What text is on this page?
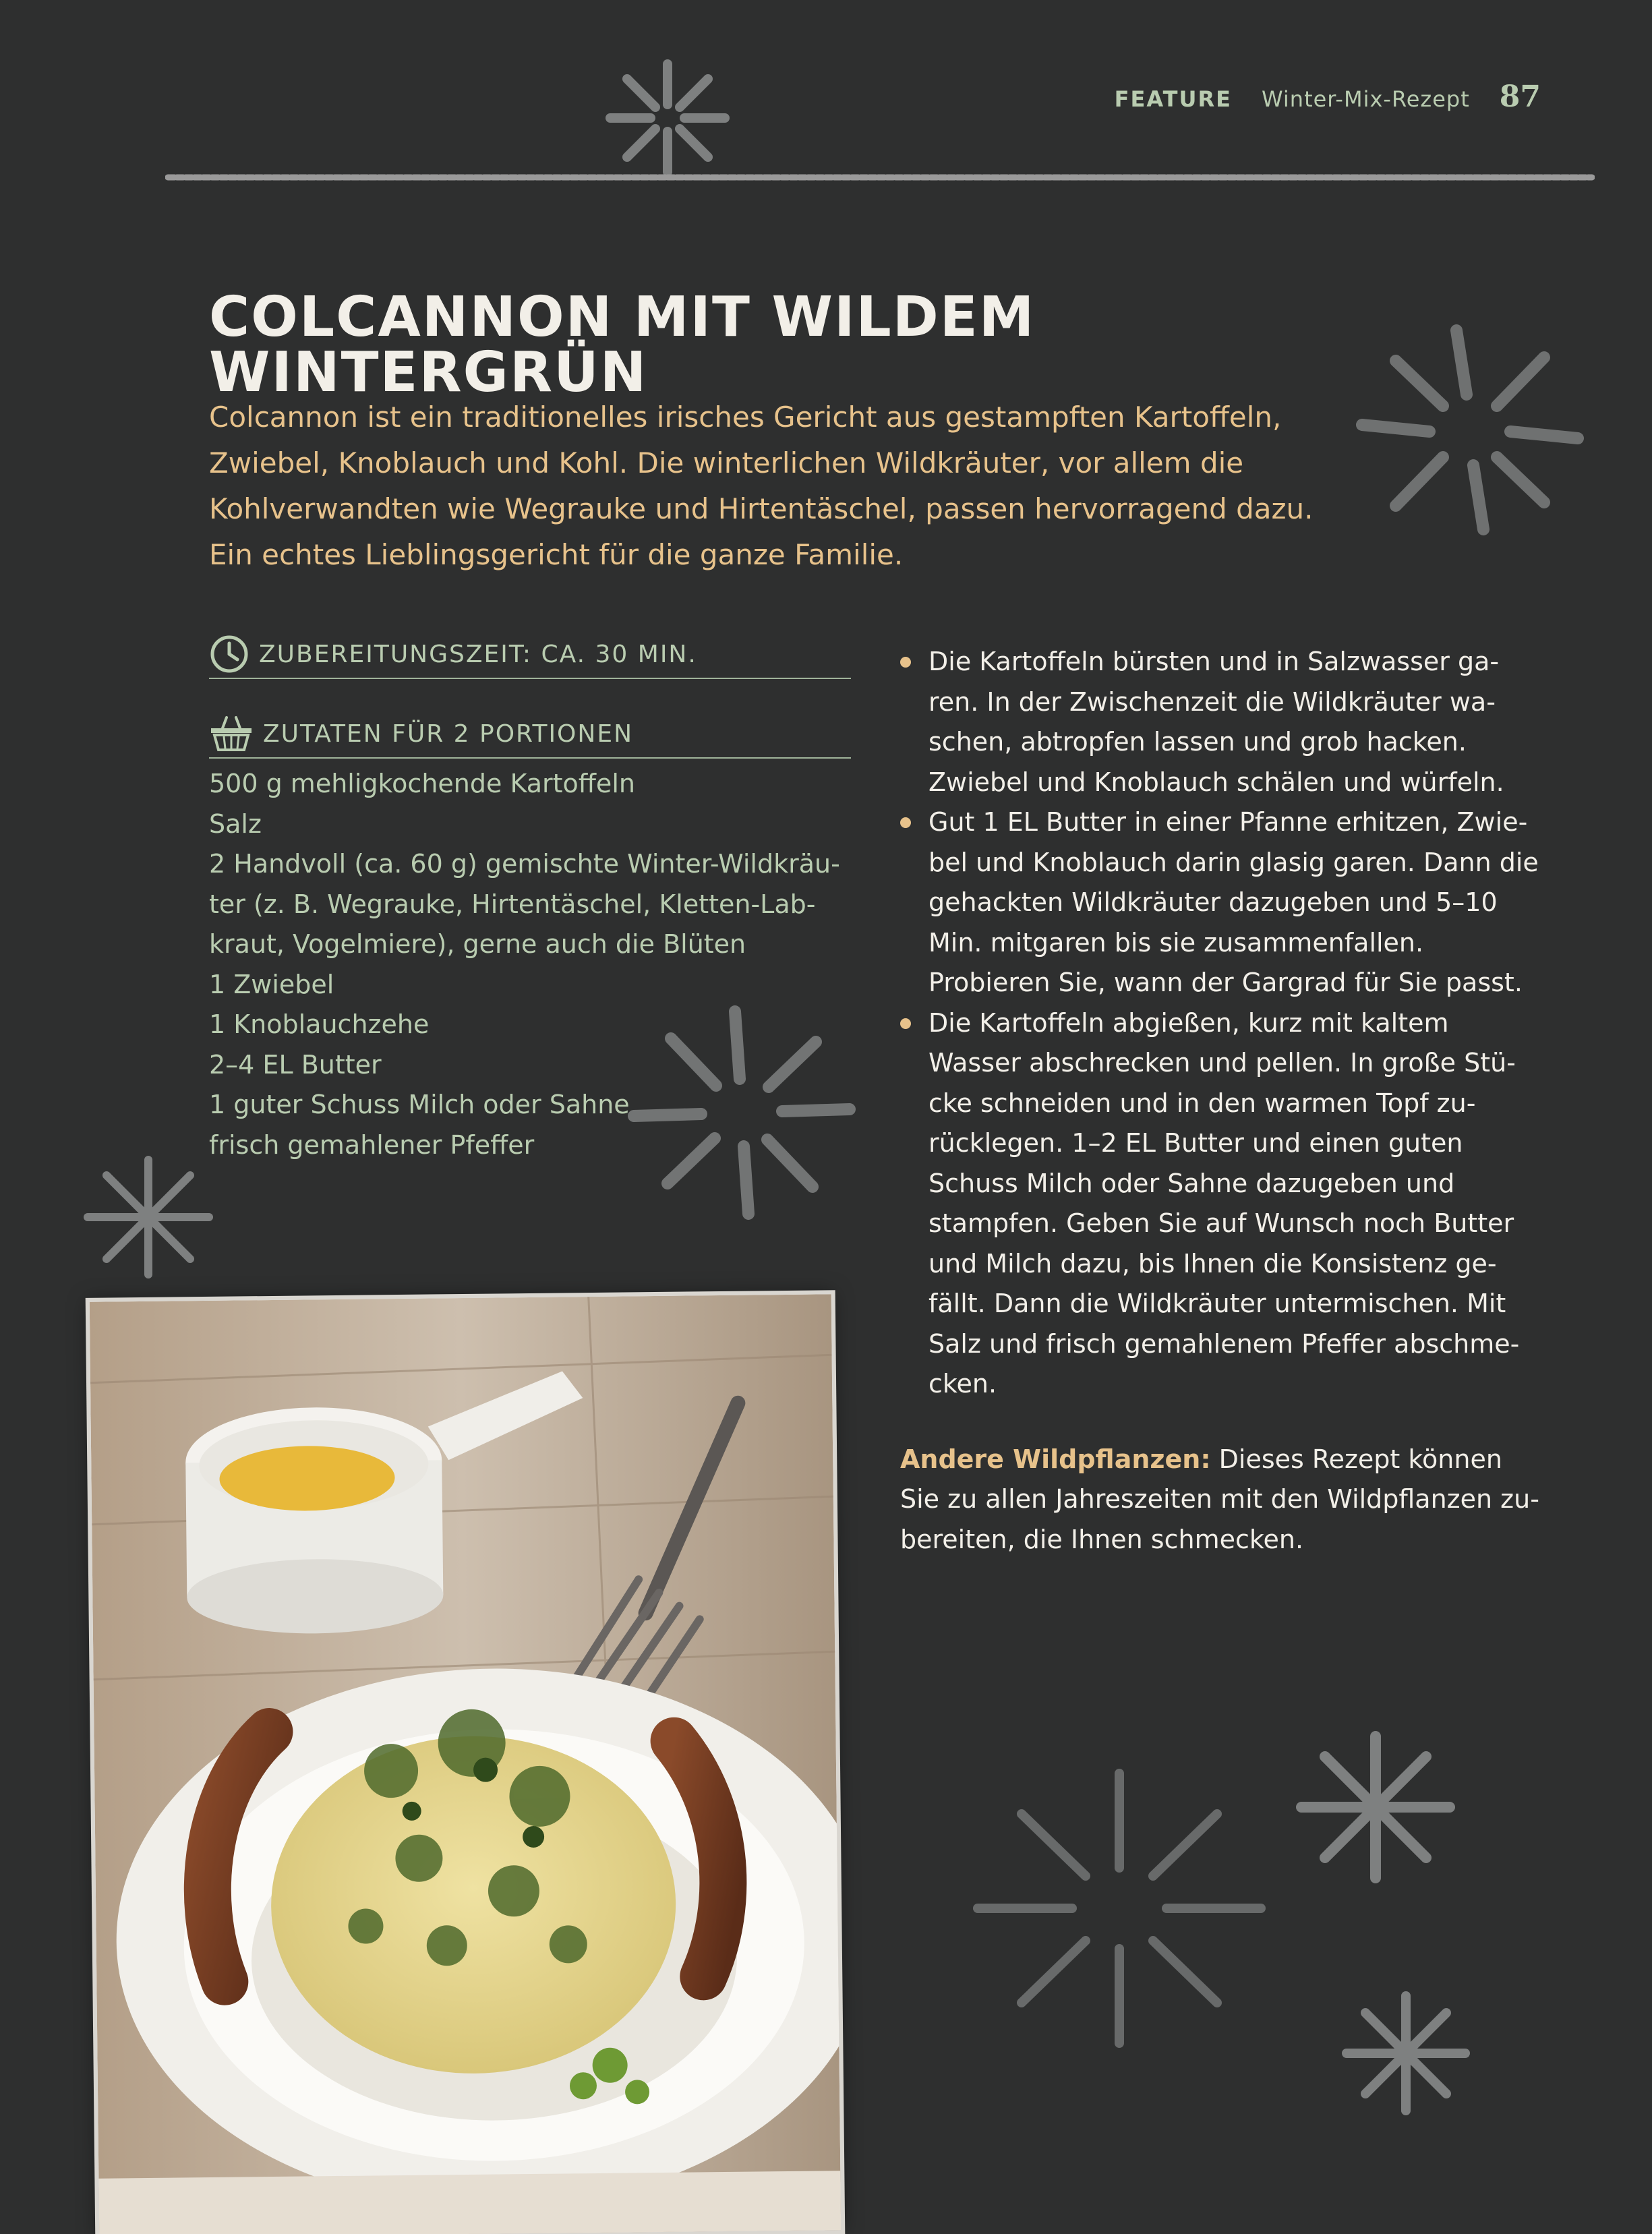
FEATURE Winter-Mix-Rezept 87
COLCANNON MIT WILDEM WINTERGRÜN

Colcannon ist ein traditionelles irisches Gericht aus gestampften Kartoffeln, Zwiebel, Knoblauch und Kohl. Die winterlichen Wildkräuter, vor allem die Kohlverwandten wie Wegrauke und Hirtentäschel, passen hervorragend dazu. Ein echtes Lieblingsgericht für die ganze Familie.

ZUBEREITUNGSZEIT: CA. 30 MIN.
ZUTATEN FÜR 2 PORTIONEN
500 g mehligkochende Kartoffeln
Salz
2 Handvoll (ca. 60 g) gemischte Winter-Wildkräu-
ter (z. B. Wegrauke, Hirtentäschel, Kletten-Lab-
kraut, Vogelmiere), gerne auch die Blüten
1 Zwiebel
1 Knoblauchzehe
2–4 EL Butter
1 guter Schuss Milch oder Sahne
frisch gemahlener Pfeffer
Die Kartoffeln bürsten und in Salzwasser ga-ren. In der Zwischenzeit die Wildkräuter wa-schen, abtropfen lassen und grob hacken. Zwiebel und Knoblauch schälen und würfeln.
Gut 1 EL Butter in einer Pfanne erhitzen, Zwie-bel und Knoblauch darin glasig garen. Dann die gehackten Wildkräuter dazugeben und 5–10 Min. mitgaren bis sie zusammenfallen. Probieren Sie, wann der Gargrad für Sie passt.
Die Kartoffeln abgießen, kurz mit kaltem Wasser abschrecken und pellen. In große Stü-cke schneiden und in den warmen Topf zu-rücklegen. 1–2 EL Butter und einen guten Schuss Milch oder Sahne dazugeben und stampfen. Geben Sie auf Wunsch noch Butter und Milch dazu, bis Ihnen die Konsistenz ge-fällt. Dann die Wildkräuter untermischen. Mit Salz und frisch gemahlenem Pfeffer abschme-cken.

Andere Wildpflanzen: Dieses Rezept können Sie zu allen Jahreszeiten mit den Wildpflanzen zu-bereiten, die Ihnen schmecken.
